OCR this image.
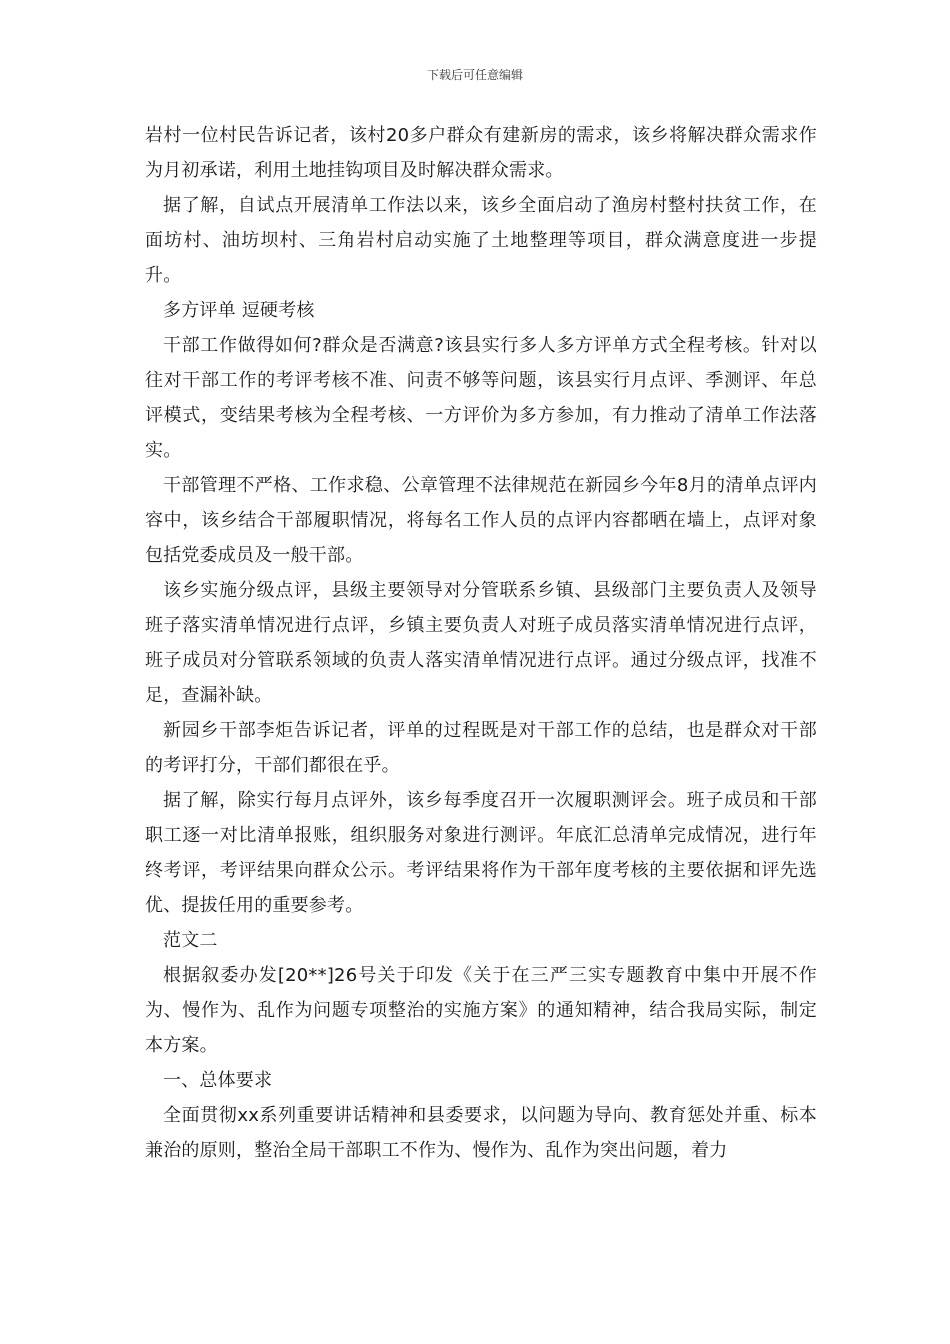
下载后可任意编辑

岩村一位村民告诉记者，该村20多户群众有建新房的需求，该乡将解决群众需求作为月初承诺，利用土地挂钩项目及时解决群众需求。

据了解，自试点开展清单工作法以来，该乡全面启动了渔房村整村扶贫工作，在面坊村、油坊坝村、三角岩村启动实施了土地整理等项目，群众满意度进一步提升。

多方评单 逗硬考核

干部工作做得如何?群众是否满意?该县实行多人多方评单方式全程考核。针对以往对干部工作的考评考核不准、问责不够等问题，该县实行月点评、季测评、年总评模式，变结果考核为全程考核、一方评价为多方参加，有力推动了清单工作法落实。

干部管理不严格、工作求稳、公章管理不法律规范在新园乡今年8月的清单点评内容中，该乡结合干部履职情况，将每名工作人员的点评内容都晒在墙上，点评对象包括党委成员及一般干部。

该乡实施分级点评，县级主要领导对分管联系乡镇、县级部门主要负责人及领导班子落实清单情况进行点评，乡镇主要负责人对班子成员落实清单情况进行点评，班子成员对分管联系领域的负责人落实清单情况进行点评。通过分级点评，找准不足，查漏补缺。

新园乡干部李炬告诉记者，评单的过程既是对干部工作的总结，也是群众对干部的考评打分，干部们都很在乎。

据了解，除实行每月点评外，该乡每季度召开一次履职测评会。班子成员和干部职工逐一对比清单报账，组织服务对象进行测评。年底汇总清单完成情况，进行年终考评，考评结果向群众公示。考评结果将作为干部年度考核的主要依据和评先选优、提拔任用的重要参考。

范文二

根据叙委办发[20**]26号关于印发《关于在三严三实专题教育中集中开展不作为、慢作为、乱作为问题专项整治的实施方案》的通知精神，结合我局实际，制定本方案。

一、总体要求

全面贯彻xx系列重要讲话精神和县委要求，以问题为导向、教育惩处并重、标本兼治的原则，整治全局干部职工不作为、慢作为、乱作为突出问题，着力
